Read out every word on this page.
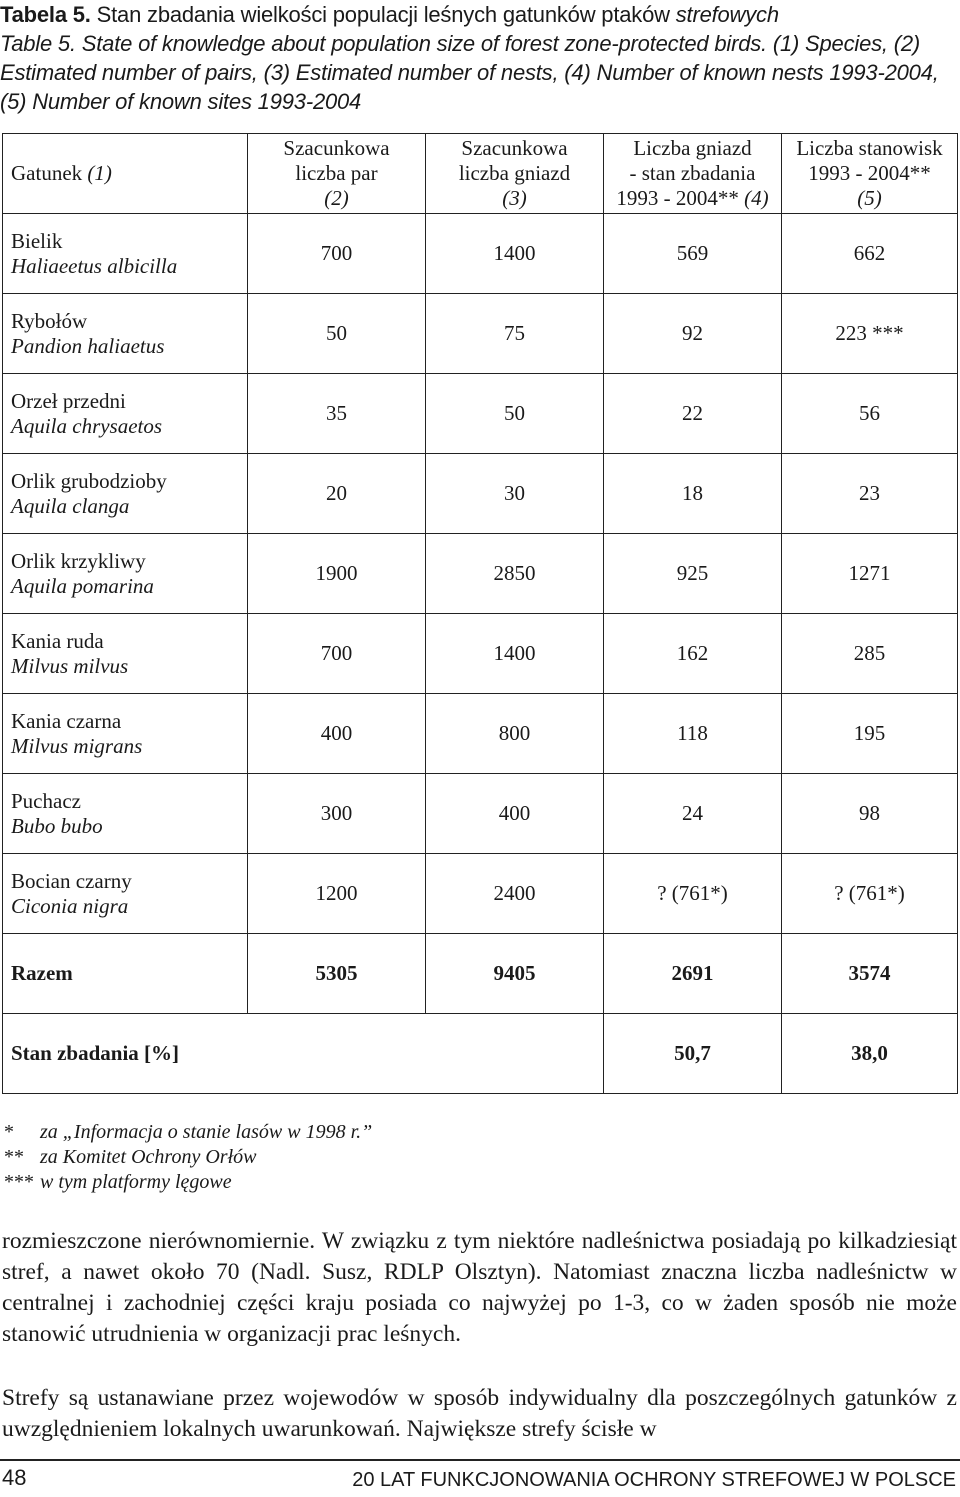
Tabela 5. Stan zbadania wielkości populacji leśnych gatunków ptaków strefowych
Table 5. State of knowledge about population size of forest zone-protected birds. (1) Species, (2) Estimated number of pairs, (3) Estimated number of nests, (4) Number of known nests 1993-2004, (5) Number of known sites 1993-2004
Gatunek (1)	Szacunkowa
liczba par
(2)	Szacunkowa
liczba gniazd
(3)	Liczba gniazd
- stan zbadania
1993 - 2004** (4)	Liczba stanowisk
1993 - 2004**
(5)
Bielik
Haliaeetus albicilla	700	1400	569	662
Rybołów
Pandion haliaetus	50	75	92	223 ***
Orzeł przedni
Aquila chrysaetos	35	50	22	56
Orlik grubodzioby
Aquila clanga	20	30	18	23
Orlik krzykliwy
Aquila pomarina	1900	2850	925	1271
Kania ruda
Milvus milvus	700	1400	162	285
Kania czarna
Milvus migrans	400	800	118	195
Puchacz
Bubo bubo	300	400	24	98
Bocian czarny
Ciconia nigra	1200	2400	? (761*)	? (761*)
Razem	5305	9405	2691	3574
Stan zbadania [%]			50,7	38,0
*	za „Informacja o stanie lasów w 1998 r.”
** za Komitet Ochrony Orłów
*** w tym platformy lęgowe

rozmieszczone nierównomiernie. W związku z tym niektóre nadleśnictwa posiadają po kilkadziesiąt stref, a nawet około 70 (Nadl. Susz, RDLP Olsztyn). Natomiast znaczna liczba nadleśnictw w centralnej i zachodniej części kraju posiada co najwyżej po 1-3, co w żaden sposób nie może stanowić utrudnienia w organizacji prac leśnych.

Strefy są ustanawiane przez wojewodów w sposób indywidualny dla poszczególnych gatunków z uwzględnieniem lokalnych uwarunkowań. Największe strefy ścisłe w

48	20 LAT FUNKCJONOWANIA OCHRONY STREFOWEJ W POLSCE
